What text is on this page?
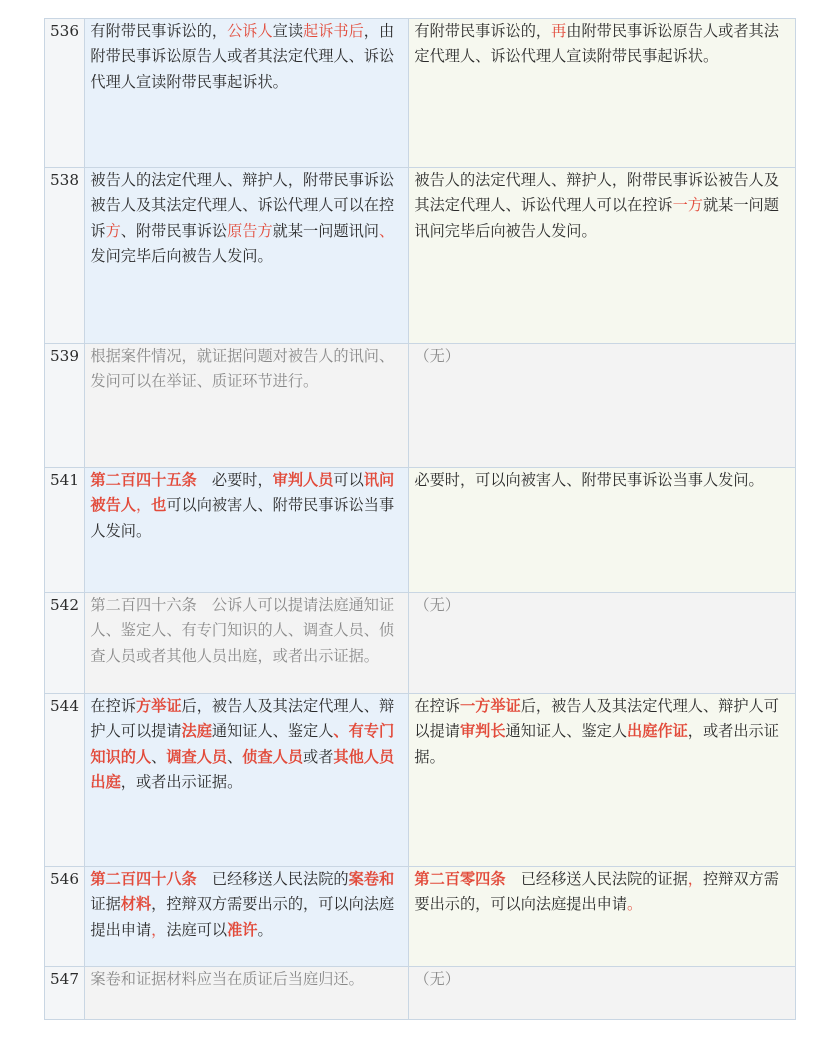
536	有附带民事诉讼的，公诉人宣读起诉书后，由附带民事诉讼原告人或者其法定代理人、诉讼代理人宣读附带民事起诉状。	有附带民事诉讼的，再由附带民事诉讼原告人或者其法定代理人、诉讼代理人宣读附带民事起诉状。
538	被告人的法定代理人、辩护人，附带民事诉讼被告人及其法定代理人、诉讼代理人可以在控诉方、附带民事诉讼原告方就某一问题讯问、发问完毕后向被告人发问。	被告人的法定代理人、辩护人，附带民事诉讼被告人及其法定代理人、诉讼代理人可以在控诉一方就某一问题讯问完毕后向被告人发问。
539	根据案件情况，就证据问题对被告人的讯问、发问可以在举证、质证环节进行。	（无）
541	第二百四十五条　必要时，审判人员可以讯问被告人，也可以向被害人、附带民事诉讼当事人发问。	必要时，可以向被害人、附带民事诉讼当事人发问。
542	第二百四十六条　公诉人可以提请法庭通知证人、鉴定人、有专门知识的人、调查人员、侦查人员或者其他人员出庭，或者出示证据。	（无）
544	在控诉方举证后，被告人及其法定代理人、辩护人可以提请法庭通知证人、鉴定人、有专门知识的人、调查人员、侦查人员或者其他人员出庭，或者出示证据。	在控诉一方举证后，被告人及其法定代理人、辩护人可以提请审判长通知证人、鉴定人出庭作证，或者出示证据。
546	第二百四十八条　已经移送人民法院的案卷和证据材料，控辩双方需要出示的，可以向法庭提出申请，法庭可以准许。	第二百零四条　已经移送人民法院的证据，控辩双方需要出示的，可以向法庭提出申请。
547	案卷和证据材料应当在质证后当庭归还。	（无）
